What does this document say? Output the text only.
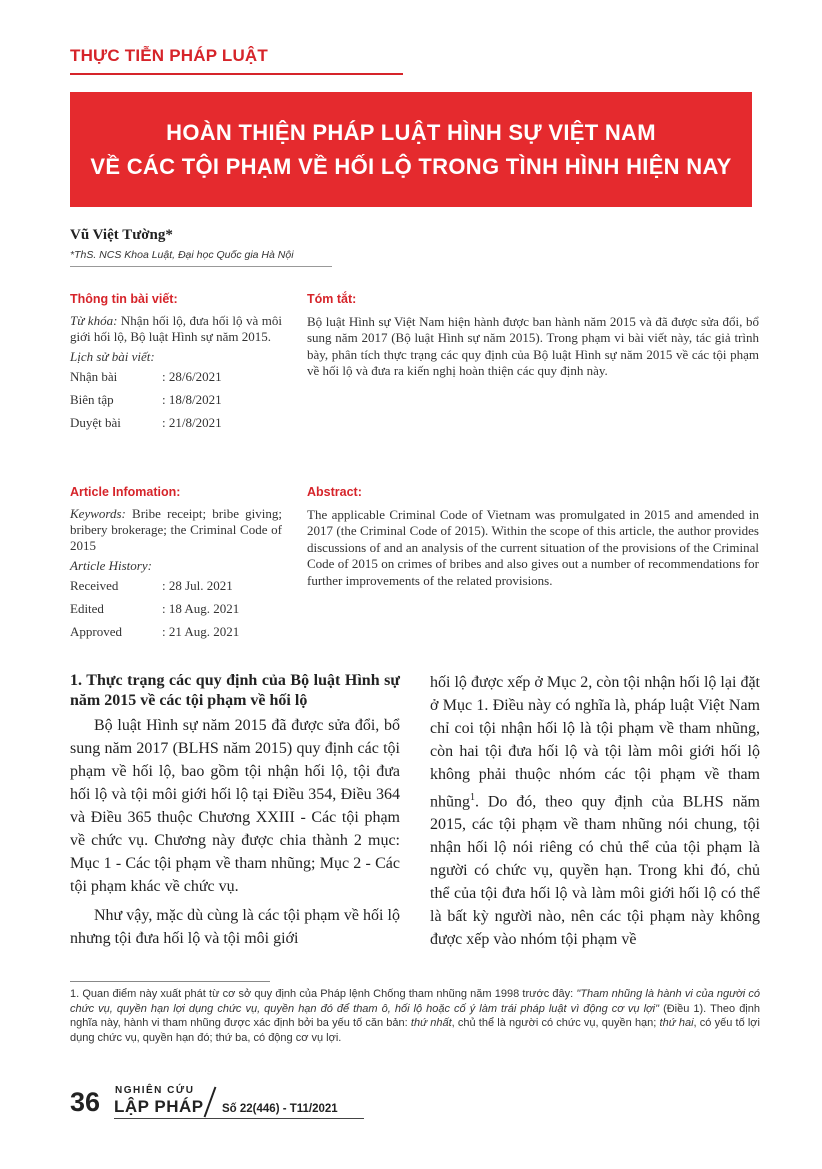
THỰC TIỄN PHÁP LUẬT
HOÀN THIỆN PHÁP LUẬT HÌNH SỰ VIỆT NAM
VỀ CÁC TỘI PHẠM VỀ HỐI LỘ TRONG TÌNH HÌNH HIỆN NAY
Vũ Việt Tường*
*ThS. NCS Khoa Luật, Đại học Quốc gia Hà Nội
Thông tin bài viết:
Từ khóa: Nhận hối lộ, đưa hối lộ và môi giới hối lộ, Bộ luật Hình sự năm 2015.
Lịch sử bài viết:
Nhận bài	: 28/6/2021
Biên tập	: 18/8/2021
Duyệt bài	: 21/8/2021
Tóm tắt:
Bộ luật Hình sự Việt Nam hiện hành được ban hành năm 2015 và đã được sửa đổi, bổ sung năm 2017 (Bộ luật Hình sự năm 2015). Trong phạm vi bài viết này, tác giả trình bày, phân tích thực trạng các quy định của Bộ luật Hình sự năm 2015 về các tội phạm về hối lộ và đưa ra kiến nghị hoàn thiện các quy định này.
Article Infomation:
Keywords: Bribe receipt; bribe giving; bribery brokerage; the Criminal Code of 2015
Article History:
Received	: 28 Jul. 2021
Edited	: 18 Aug. 2021
Approved	: 21 Aug. 2021
Abstract:
The applicable Criminal Code of Vietnam was promulgated in 2015 and amended in 2017 (the Criminal Code of 2015). Within the scope of this article, the author provides discussions of and an analysis of the current situation of the provisions of the Criminal Code of 2015 on crimes of bribes and also gives out a number of recommendations for further improvements of the related provisions.
1. Thực trạng các quy định của Bộ luật Hình sự năm 2015 về các tội phạm về hối lộ

Bộ luật Hình sự năm 2015 đã được sửa đổi, bổ sung năm 2017 (BLHS năm 2015) quy định các tội phạm về hối lộ, bao gồm tội nhận hối lộ, tội đưa hối lộ và tội môi giới hối lộ tại Điều 354, Điều 364 và Điều 365 thuộc Chương XXIII - Các tội phạm về chức vụ. Chương này được chia thành 2 mục: Mục 1 - Các tội phạm về tham nhũng; Mục 2 - Các tội phạm khác về chức vụ.

Như vậy, mặc dù cùng là các tội phạm về hối lộ nhưng tội đưa hối lộ và tội môi giới

hối lộ được xếp ở Mục 2, còn tội nhận hối lộ lại đặt ở Mục 1. Điều này có nghĩa là, pháp luật Việt Nam chỉ coi tội nhận hối lộ là tội phạm về tham nhũng, còn hai tội đưa hối lộ và tội làm môi giới hối lộ không phải thuộc nhóm các tội phạm về tham nhũng$^1$. Do đó, theo quy định của BLHS năm 2015, các tội phạm về tham nhũng nói chung, tội nhận hối lộ nói riêng có chủ thể của tội phạm là người có chức vụ, quyền hạn. Trong khi đó, chủ thể của tội đưa hối lộ và làm môi giới hối lộ có thể là bất kỳ người nào, nên các tội phạm này không được xếp vào nhóm tội phạm về

1. Quan điểm này xuất phát từ cơ sở quy định của Pháp lệnh Chống tham nhũng năm 1998 trước đây: "Tham nhũng là hành vi của người có chức vụ, quyền hạn lợi dụng chức vụ, quyền hạn đó để tham ô, hối lộ hoặc cố ý làm trái pháp luật vì động cơ vụ lợi" (Điều 1). Theo định nghĩa này, hành vi tham nhũng được xác định bởi ba yếu tố căn bản: thứ nhất, chủ thể là người có chức vụ, quyền hạn; thứ hai, có yếu tố lợi dụng chức vụ, quyền hạn đó; thứ ba, có động cơ vụ lợi.
36 NGHIÊN CỨU
LẬP PHÁP Số 22(446) - T11/2021
